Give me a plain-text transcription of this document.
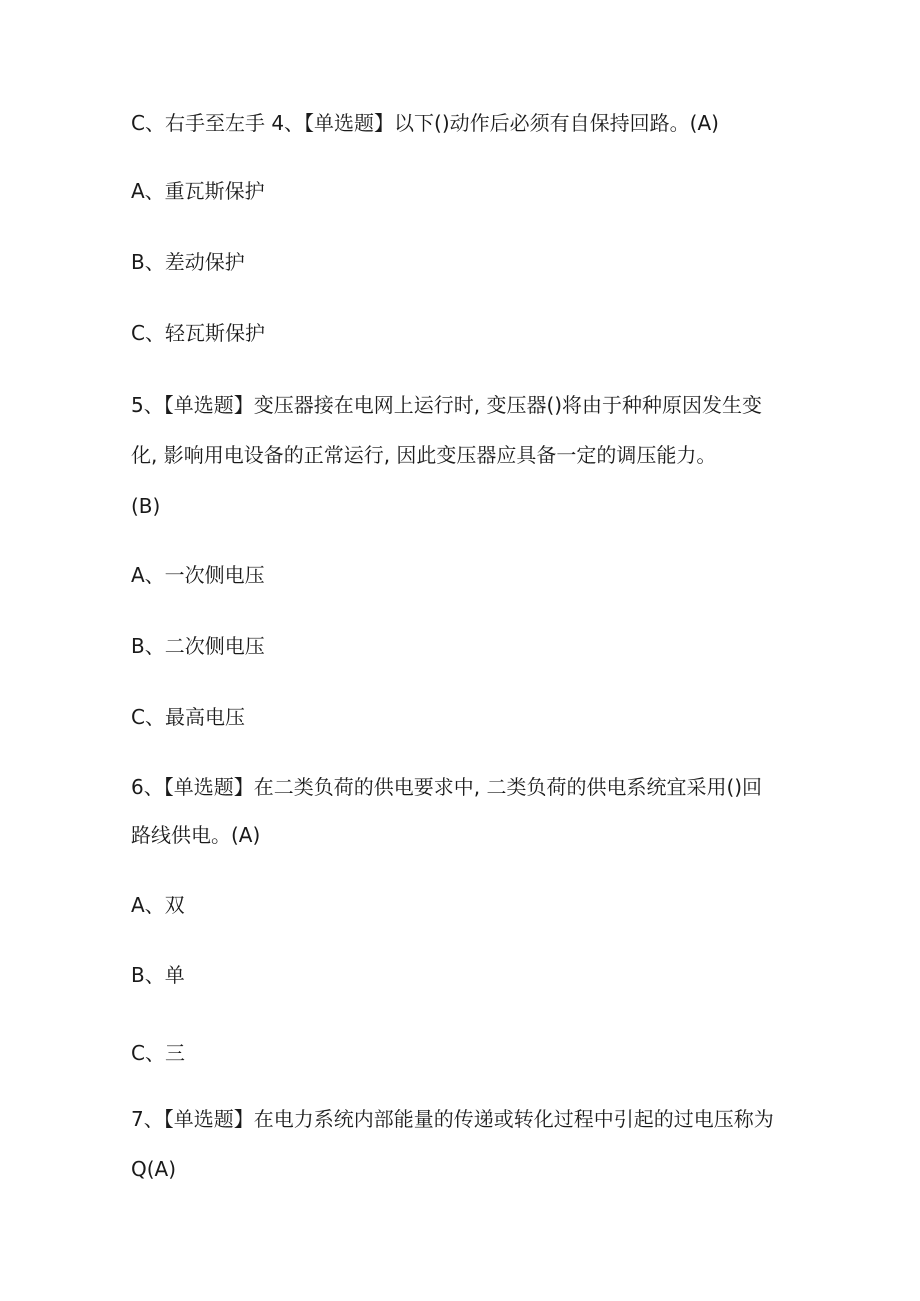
C、右手至左手 4、【单选题】以下()动作后必须有自保持回路。(A)
A、重瓦斯保护
B、差动保护
C、轻瓦斯保护
5、【单选题】变压器接在电网上运行时, 变压器()将由于种种原因发生变
化, 影响用电设备的正常运行, 因此变压器应具备一定的调压能力。
(B)
A、一次侧电压
B、二次侧电压
C、最高电压
6、【单选题】在二类负荷的供电要求中, 二类负荷的供电系统宜采用()回
路线供电。(A)
A、双
B、单
C、三
7、【单选题】在电力系统内部能量的传递或转化过程中引起的过电压称为
Q(A)
